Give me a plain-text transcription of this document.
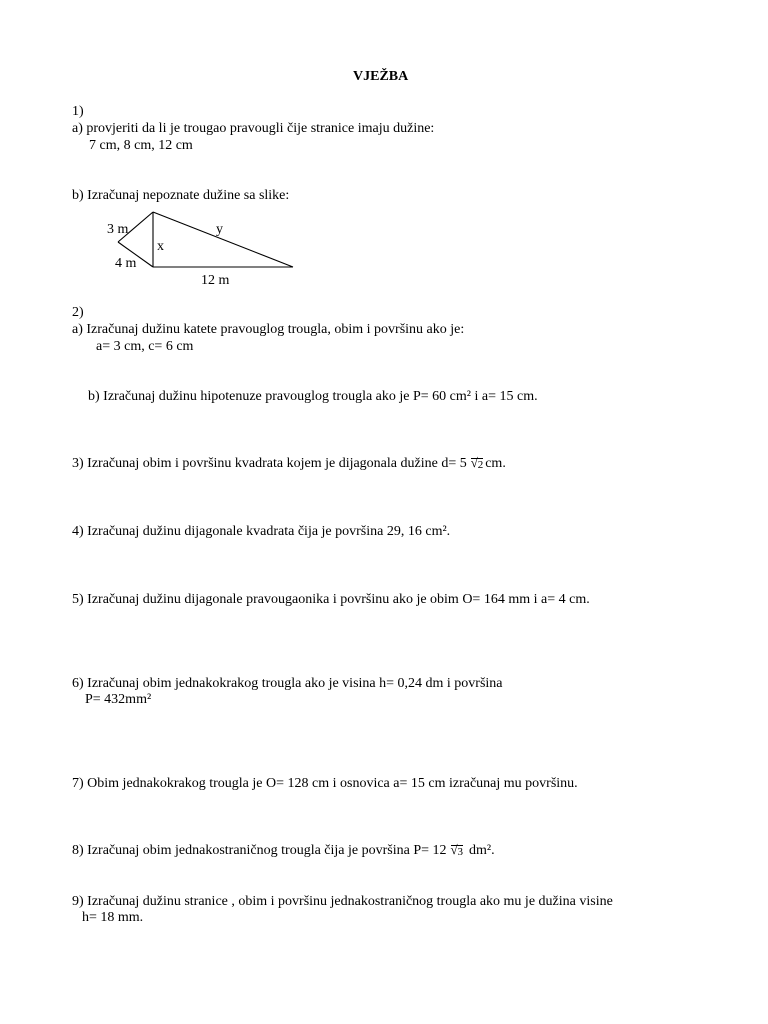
VJEŽBA
1)
a) provjeriti da li je trougao pravougli čije stranice imaju dužine:
7 cm, 8 cm, 12 cm
b) Izračunaj nepoznate dužine sa slike:
3 m
4 m
x
y
12 m
2)
a) Izračunaj dužinu katete pravouglog trougla, obim i površinu ako je:
a= 3 cm, c= 6 cm
b) Izračunaj dužinu hipotenuze pravouglog trougla ako je P= 60 cm² i a= 15 cm.
3) Izračunaj obim i površinu kvadrata kojem je dijagonala dužine d= 5 √ 2 cm.
4) Izračunaj dužinu dijagonale kvadrata čija je površina 29, 16 cm².
5) Izračunaj dužinu dijagonale pravougaonika i površinu ako je obim O= 164 mm i a= 4 cm.
6) Izračunaj obim jednakokrakog trougla ako je visina h= 0,24 dm i površina
P= 432mm²
7) Obim jednakokrakog trougla je O= 128 cm i osnovica a= 15 cm izračunaj mu površinu.
8) Izračunaj obim jednakostraničnog trougla čija je površina P= 12 √ 3 dm².
9) Izračunaj dužinu stranice , obim i površinu jednakostraničnog trougla ako mu je dužina visine
h= 18 mm.
